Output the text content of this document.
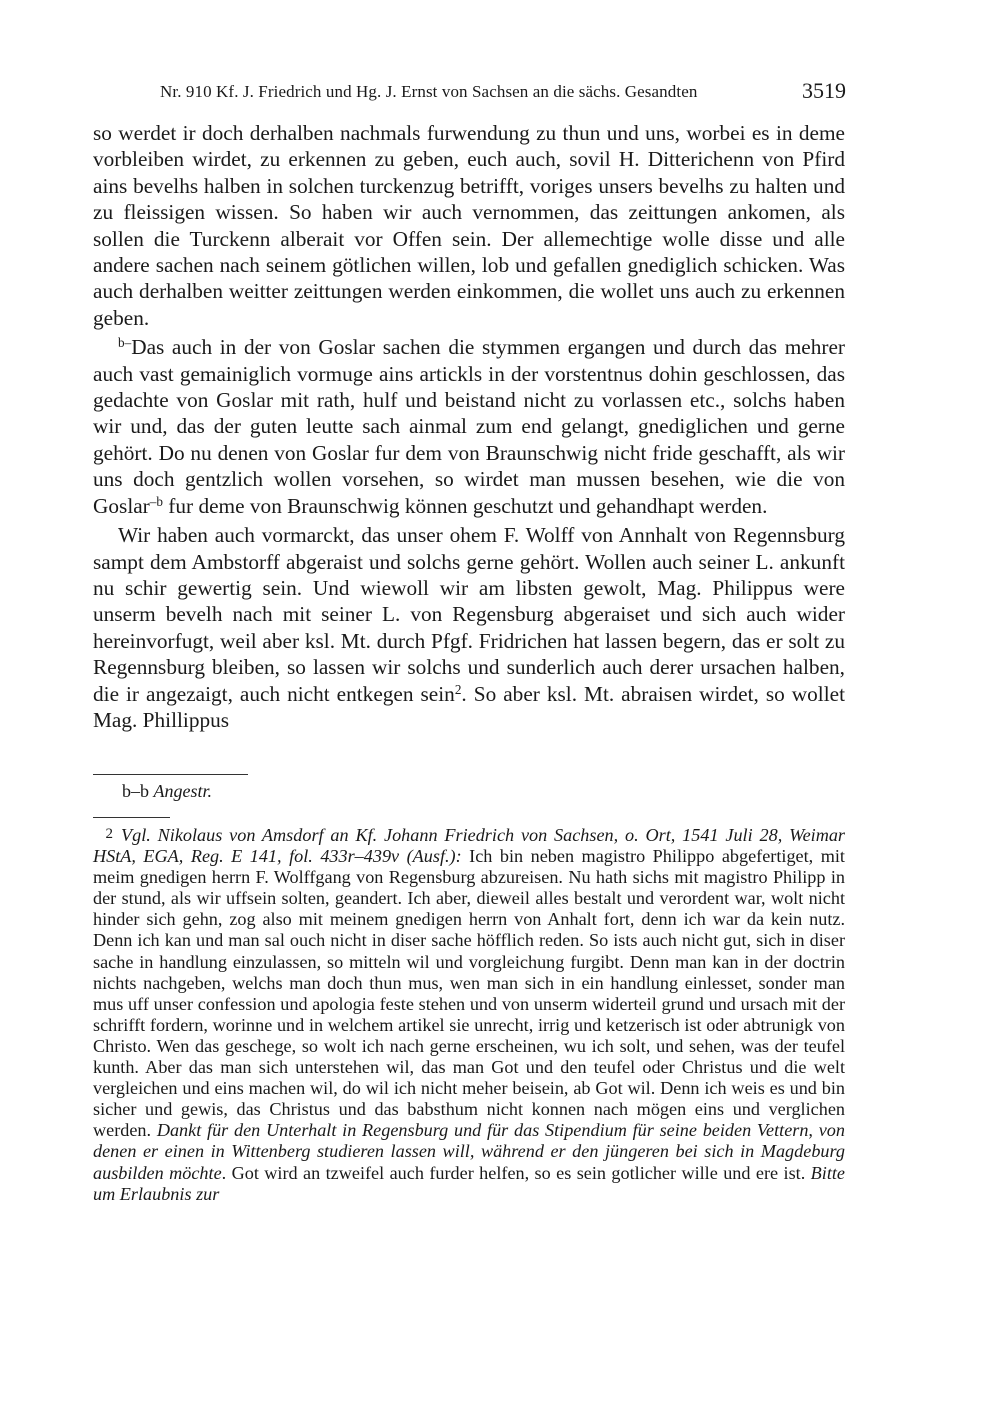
Nr. 910 Kf. J. Friedrich und Hg. J. Ernst von Sachsen an die sächs. Gesandten	3519

so werdet ir doch derhalben nachmals furwendung zu thun und uns, worbei es in deme vorbleiben wirdet, zu erkennen zu geben, euch auch, sovil H. Ditterichenn von Pfird ains bevelhs halben in solchen turckenzug betrifft, voriges unsers bevelhs zu halten und zu fleissigen wissen. So haben wir auch vernommen, das zeittungen ankomen, als sollen die Turckenn alberait vor Offen sein. Der allemechtige wolle disse und alle andere sachen nach seinem götlichen willen, lob und gefallen gnediglich schicken. Was auch derhalben weitter zeittungen werden einkommen, die wollet uns auch zu erkennen geben.

$^{b-}$Das auch in der von Goslar sachen die stymmen ergangen und durch das mehrer auch vast gemainiglich vormuge ains artickls in der vorstentnus dohin geschlossen, das gedachte von Goslar mit rath, hulf und beistand nicht zu vorlassen etc., solchs haben wir und, das der guten leutte sach ainmal zum end gelangt, gnediglichen und gerne gehört. Do nu denen von Goslar fur dem von Braunschwig nicht fride geschafft, als wir uns doch gentzlich wollen vorsehen, so wirdet man mussen besehen, wie die von Goslar$^{-b}$ fur deme von Braunschwig können geschutzt und gehandhapt werden.

Wir haben auch vormarckt, das unser ohem F. Wolff von Annhalt von Regennsburg sampt dem Ambstorff abgeraist und solchs gerne gehört. Wollen auch seiner L. ankunft nu schir gewertig sein. Und wiewoll wir am libsten gewolt, Mag. Philippus were unserm bevelh nach mit seiner L. von Regensburg abgeraiset und sich auch wider hereinvorfugt, weil aber ksl. Mt. durch Pfgf. Fridrichen hat lassen begern, das er solt zu Regennsburg bleiben, so lassen wir solchs und sunderlich auch derer ursachen halben, die ir angezaigt, auch nicht entkegen sein$^2$. So aber ksl. Mt. abraisen wirdet, so wollet Mag. Phillippus

b–b Angestr.
2 Vgl. Nikolaus von Amsdorf an Kf. Johann Friedrich von Sachsen, o. Ort, 1541 Juli 28, Weimar HStA, EGA, Reg. E 141, fol. 433r–439v (Ausf.): Ich bin neben magistro Philippo abgefertiget, mit meim gnedigen herrn F. Wolffgang von Regensburg abzureisen. Nu hath sichs mit magistro Philipp in der stund, als wir uffsein solten, geandert. Ich aber, dieweil alles bestalt und verordent war, wolt nicht hinder sich gehn, zog also mit meinem gnedigen herrn von Anhalt fort, denn ich war da kein nutz. Denn ich kan und man sal ouch nicht in diser sache höfflich reden. So ists auch nicht gut, sich in diser sache in handlung einzulassen, so mitteln wil und vorgleichung furgibt. Denn man kan in der doctrin nichts nachgeben, welchs man doch thun mus, wen man sich in ein handlung einlesset, sonder man mus uff unser confession und apologia feste stehen und von unserm widerteil grund und ursach mit der schrifft fordern, worinne und in welchem artikel sie unrecht, irrig und ketzerisch ist oder abtrunigk von Christo. Wen das geschege, so wolt ich nach gerne erscheinen, wu ich solt, und sehen, was der teufel kunth. Aber das man sich unterstehen wil, das man Got und den teufel oder Christus und die welt vergleichen und eins machen wil, do wil ich nicht meher beisein, ab Got wil. Denn ich weis es und bin sicher und gewis, das Christus und das babsthum nicht konnen nach mögen eins und verglichen werden. Dankt für den Unterhalt in Regensburg und für das Stipendium für seine beiden Vettern, von denen er einen in Wittenberg studieren lassen will, während er den jüngeren bei sich in Magdeburg ausbilden möchte. Got wird an tzweifel auch furder helfen, so es sein gotlicher wille und ere ist. Bitte um Erlaubnis zur
